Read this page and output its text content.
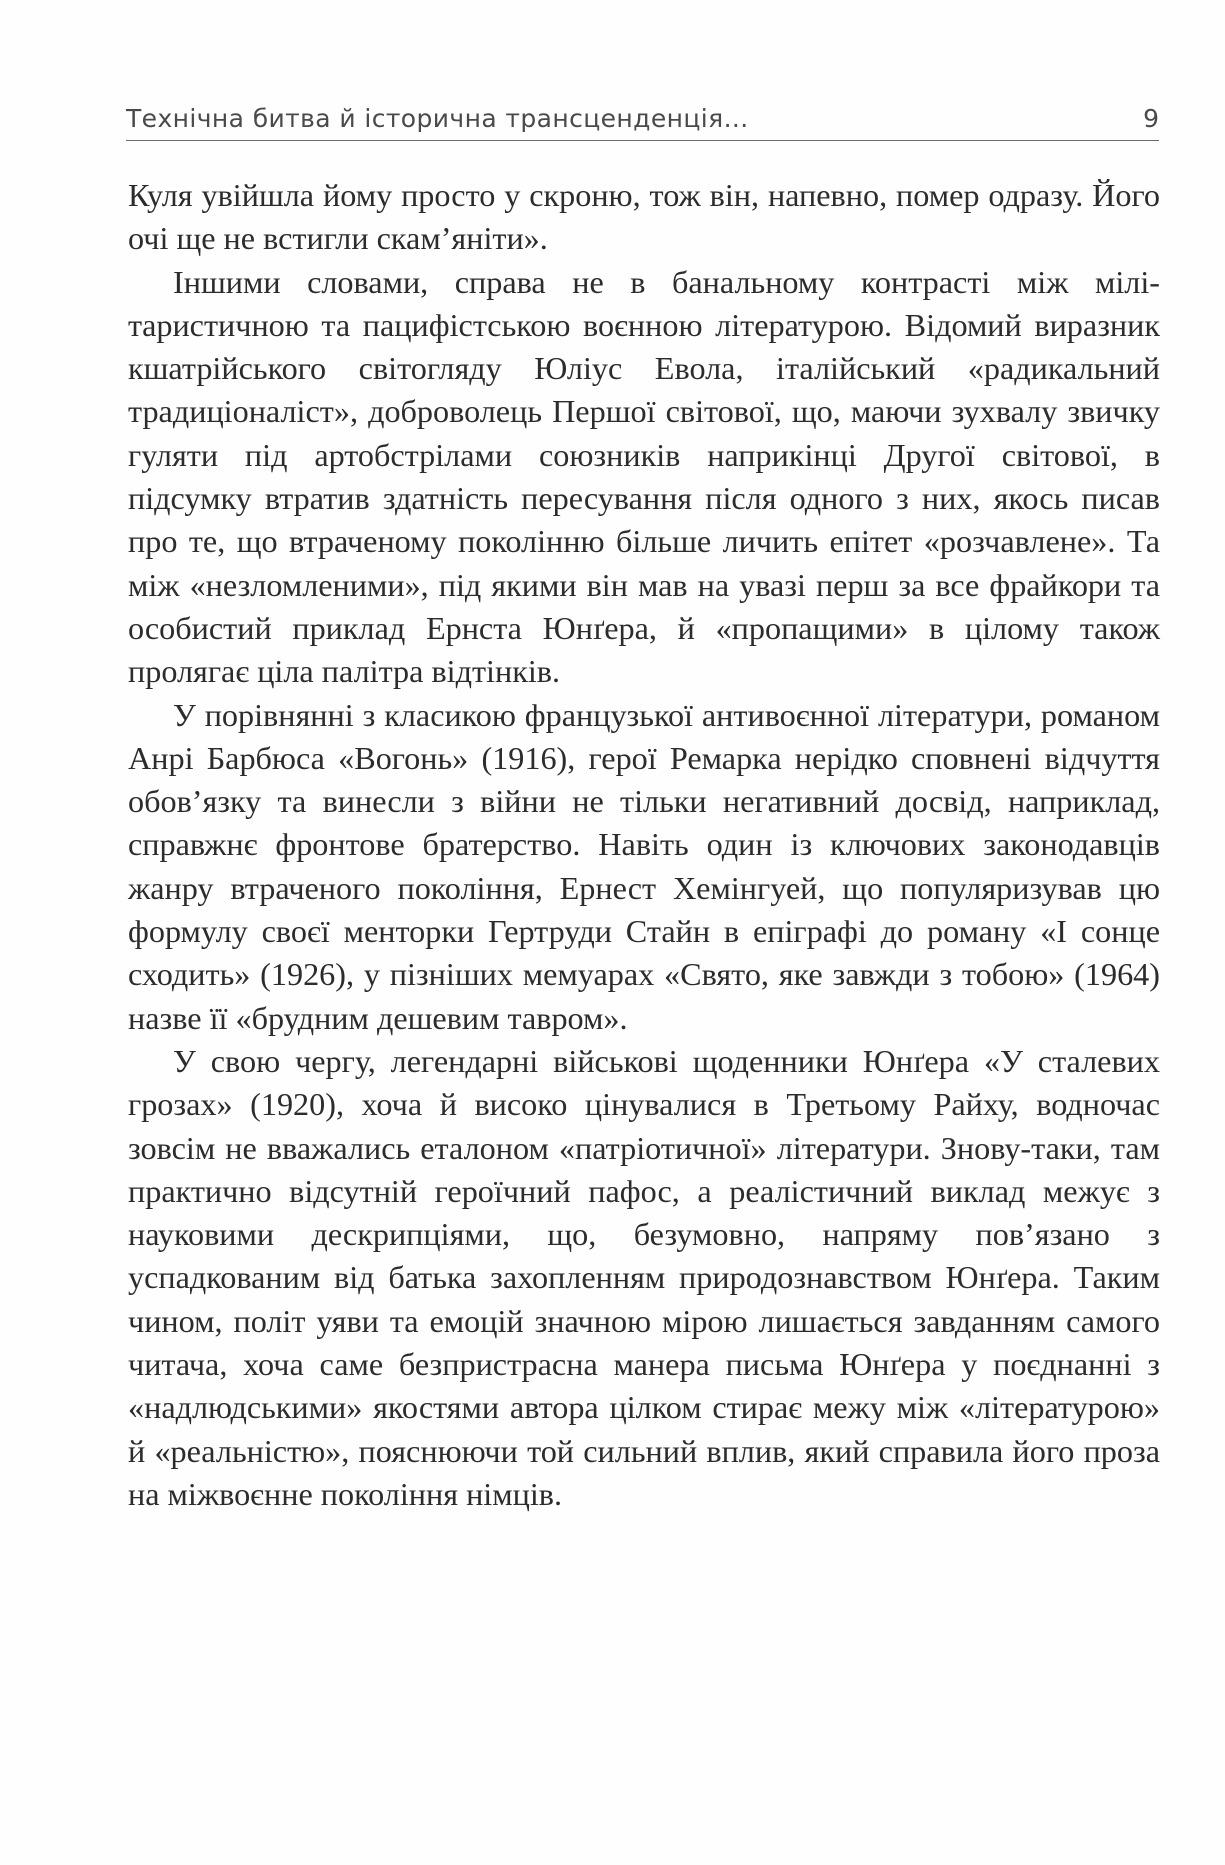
Технічна битва й історична трансценденція...	9

Куля увійшла йому просто у скроню, тож він, напевно, помер одразу. Його очі ще не встигли скам’яніти».

Іншими словами, справа не в банальному контрасті між мілітaристичною та пацифістською воєнною літературою. Відомий виразник кшатрійського світогляду Юліус Евола, італійський «радикальний традиціоналіст», доброволець Першої світової, що, маючи зухвалу звичку гуляти під артобстрілами союзників наприкінці Другої світової, в підсумку втратив здатність пересування після одного з них, якось писав про те, що втраченому поколінню більше личить епітет «розчавлене». Та між «незломленими», під якими він мав на увазі перш за все фрайкори та особистий приклад Ернста Юнґера, й «пропащими» в цілому також пролягає ціла палітра відтінків.

У порівнянні з класикою французької антивоєнної літератури, романом Анрі Барбюса «Вогонь» (1916), герої Ремарка нерідко сповнені відчуття обов’язку та винесли з війни не тільки негативний досвід, наприклад, справжнє фронтове братерство. Навіть один із ключових законодавців жанру втраченого покоління, Ернест Хемінгуей, що популяризував цю формулу своєї менторки Гертруди Стайн в епіграфі до роману «І сонце сходить» (1926), у пізніших мемуарах «Свято, яке завжди з тобою» (1964) назве її «брудним дешевим тавром».

У свою чергу, легендарні військові щоденники Юнґера «У сталевих грозах» (1920), хоча й високо цінувалися в Третьому Райху, водночас зовсім не вважались еталоном «патріотичної» літератури. Знову-таки, там практично відсутній героїчний пафос, а реалістичний виклад межує з науковими дескрипціями, що, безумовно, напряму пов’язано з успадкованим від батька захопленням природознавством Юнґера. Таким чином, політ уяви та емоцій значною мірою лишається завданням самого читача, хоча саме безпристрасна манера письма Юнґера у поєднанні з «надлюдськими» якостями автора цілком стирає межу між «літературою» й «реальністю», пояснюючи той сильний вплив, який справила його проза на міжвоєнне покоління німців.
